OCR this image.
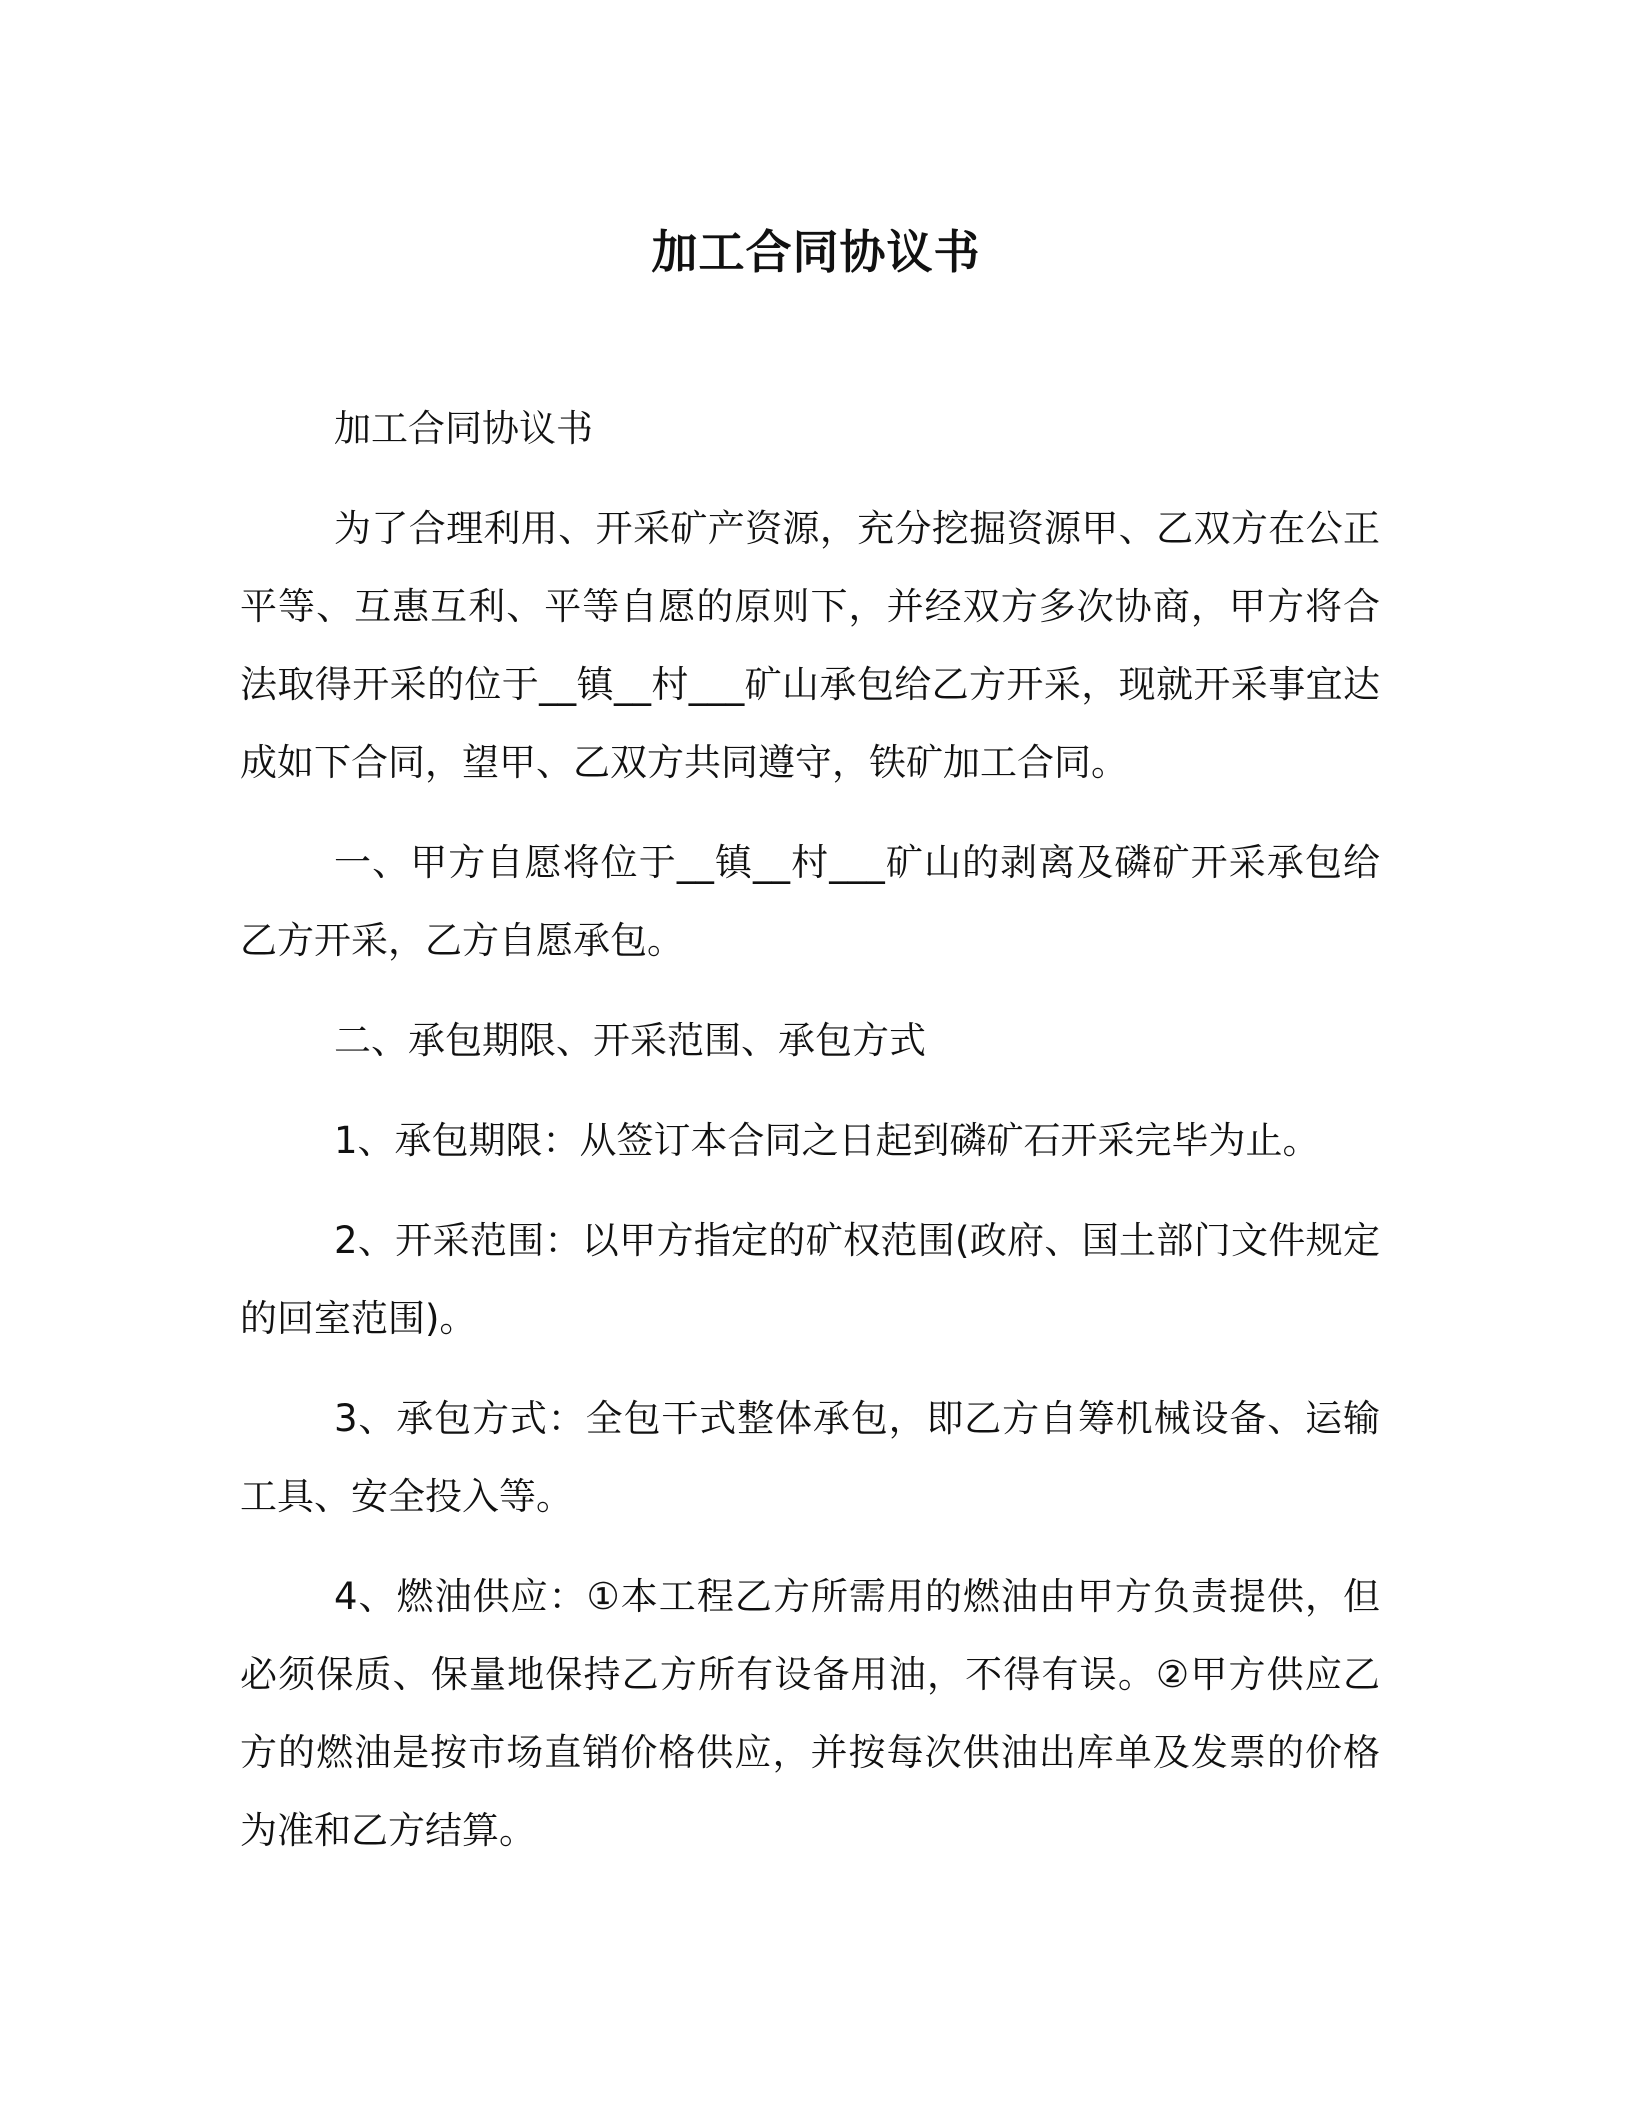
加工合同协议书

加工合同协议书

为了合理利用、开采矿产资源，充分挖掘资源甲、乙双方在公正平等、互惠互利、平等自愿的原则下，并经双方多次协商，甲方将合法取得开采的位于__镇__村___矿山承包给乙方开采，现就开采事宜达成如下合同，望甲、乙双方共同遵守，铁矿加工合同。

一、甲方自愿将位于__镇__村___矿山的剥离及磷矿开采承包给乙方开采，乙方自愿承包。

二、承包期限、开采范围、承包方式

1、承包期限：从签订本合同之日起到磷矿石开采完毕为止。

2、开采范围：以甲方指定的矿权范围(政府、国土部门文件规定的回室范围)。

3、承包方式：全包干式整体承包，即乙方自筹机械设备、运输工具、安全投入等。

4、燃油供应：①本工程乙方所需用的燃油由甲方负责提供，但必须保质、保量地保持乙方所有设备用油，不得有误。②甲方供应乙方的燃油是按市场直销价格供应，并按每次供油出库单及发票的价格为准和乙方结算。
